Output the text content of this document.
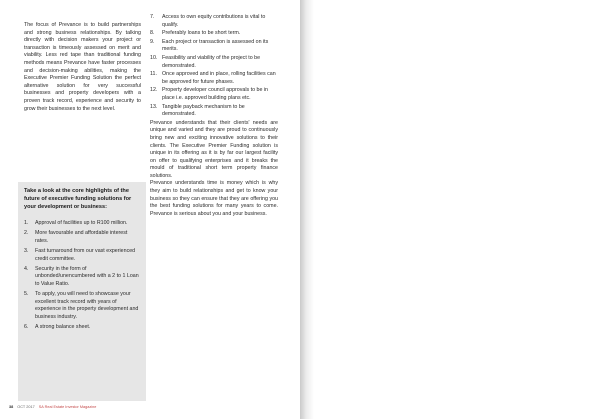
The focus of Prevance is to build partnerships and strong business relationships. By talking directly with decision makers your project or transaction is timeously assessed on merit and viability. Less red tape than traditional funding methods means Prevance have faster processes and decision-making abilities, making the Executive Premier Funding Solution the perfect alternative solution for very successful businesses and property developers with a proven track record, experience and security to grow their businesses to the next level.

Take a look at the core highlights of the future of executive funding solutions for your development or business:
1.	Approval of facilities up to R100 million.
2.	More favourable and affordable interest rates.
3.	Fast turnaround from our vast experienced credit committee.
4.	Security in the form of unbonded/unencumbered with a 2 to 1 Loan to Value Ratio.
5.	To apply, you will need to showcase your excellent track record with years of experience in the property development and business industry.
6.	A strong balance sheet.
7.	Access to own equity contributions is vital to qualify.
8.	Preferably loans to be short term.
9.	Each project or transaction is assessed on its merits.
10. Feasibility and viability of the project to be demonstrated.
11. Once approved and in place, rolling facilities can be approved for future phases.
12. Property developer council approvals to be in place i.e. approved building plans etc.
13. Tangible payback mechanism to be demonstrated.

Prevance understands that their clients' needs are unique and varied and they are proud to continuously bring new and exciting innovative solutions to their clients. The Executive Premier Funding solution is unique in its offering as it is by far our largest facility on offer to qualifying enterprises and it breaks the mould of traditional short term property finance solutions.

Prevance understands time is money which is why they aim to build relationships and get to know your business so they can ensure that they are offering you the best funding solutions for many years to come. Prevance is serious about you and your business.

38 OCT 2017 SA Real Estate Investor Magazine
